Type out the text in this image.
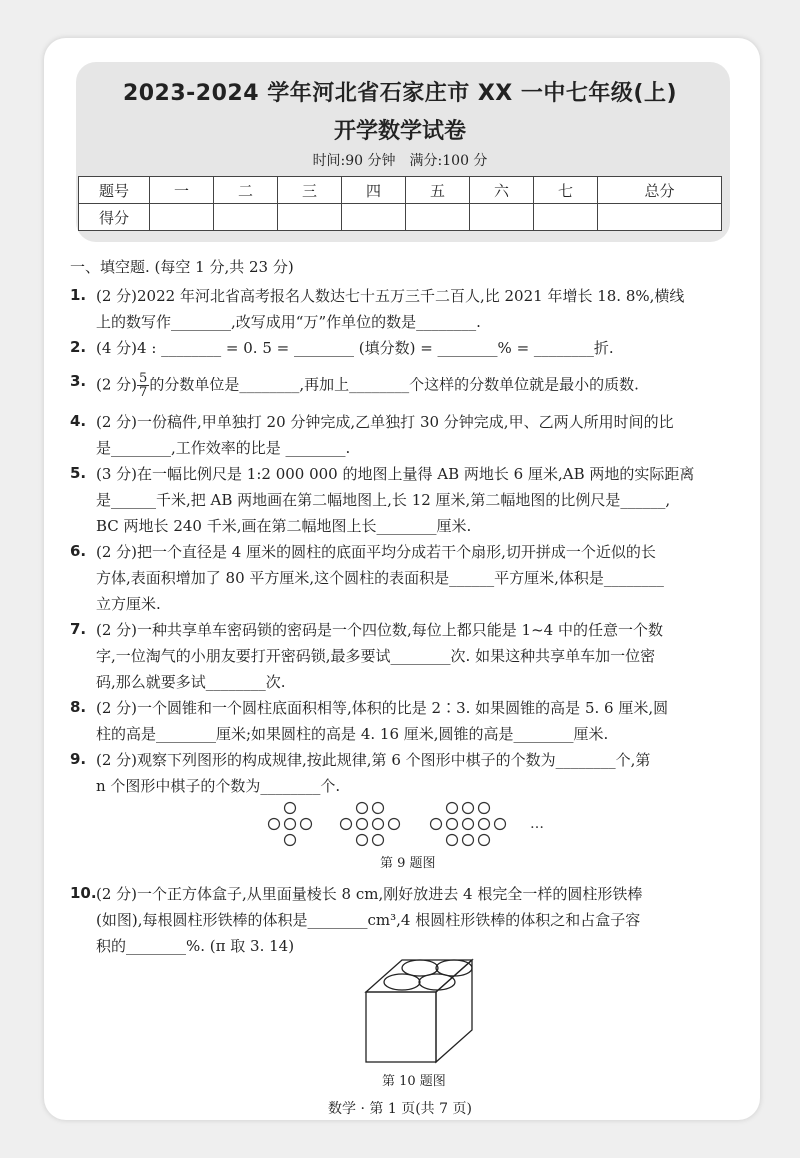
2023-2024 学年河北省石家庄市 XX 一中七年级(上)
开学数学试卷
时间:90 分钟　满分:100 分
题号	一	二	三	四	五	六	七	总分
得分								
一、填空题. (每空 1 分,共 23 分)
1. (2 分)2022 年河北省高考报名人数达七十五万三千二百人,比 2021 年增长 18. 8%,横线
上的数写作________,改写成用“万”作单位的数是________.
2. (4 分)4 : ________ = 0. 5 = ________ (填分数) = ________% = ________折.
3. (2 分) $\frac{5}{7}$ 的分数单位是________,再加上________个这样的分数单位就是最小的质数.
4. (2 分)一份稿件,甲单独打 20 分钟完成,乙单独打 30 分钟完成,甲、乙两人所用时间的比
是________,工作效率的比是 ________.
5. (3 分)在一幅比例尺是 1:2 000 000 的地图上量得 AB 两地长 6 厘米,AB 两地的实际距离
是______千米,把 AB 两地画在第二幅地图上,长 12 厘米,第二幅地图的比例尺是______,
BC 两地长 240 千米,画在第二幅地图上长________厘米.
6. (2 分)把一个直径是 4 厘米的圆柱的底面平均分成若干个扇形,切开拼成一个近似的长
方体,表面积增加了 80 平方厘米,这个圆柱的表面积是______平方厘米,体积是________
立方厘米.
7. (2 分)一种共享单车密码锁的密码是一个四位数,每位上都只能是 1~4 中的任意一个数
字,一位淘气的小朋友要打开密码锁,最多要试________次. 如果这种共享单车加一位密
码,那么就要多试________次.
8. (2 分)一个圆锥和一个圆柱底面积相等,体积的比是 2∶3. 如果圆锥的高是 5. 6 厘米,圆
柱的高是________厘米;如果圆柱的高是 4. 16 厘米,圆锥的高是________厘米.
9. (2 分)观察下列图形的构成规律,按此规律,第 6 个图形中棋子的个数为________个,第
n 个图形中棋子的个数为________个.
…
第 9 题图
10. (2 分)一个正方体盒子,从里面量棱长 8 cm,刚好放进去 4 根完全一样的圆柱形铁棒
(如图),每根圆柱形铁棒的体积是________cm³,4 根圆柱形铁棒的体积之和占盒子容
积的________%. (π 取 3. 14)
第 10 题图
数学 · 第 1 页(共 7 页)
